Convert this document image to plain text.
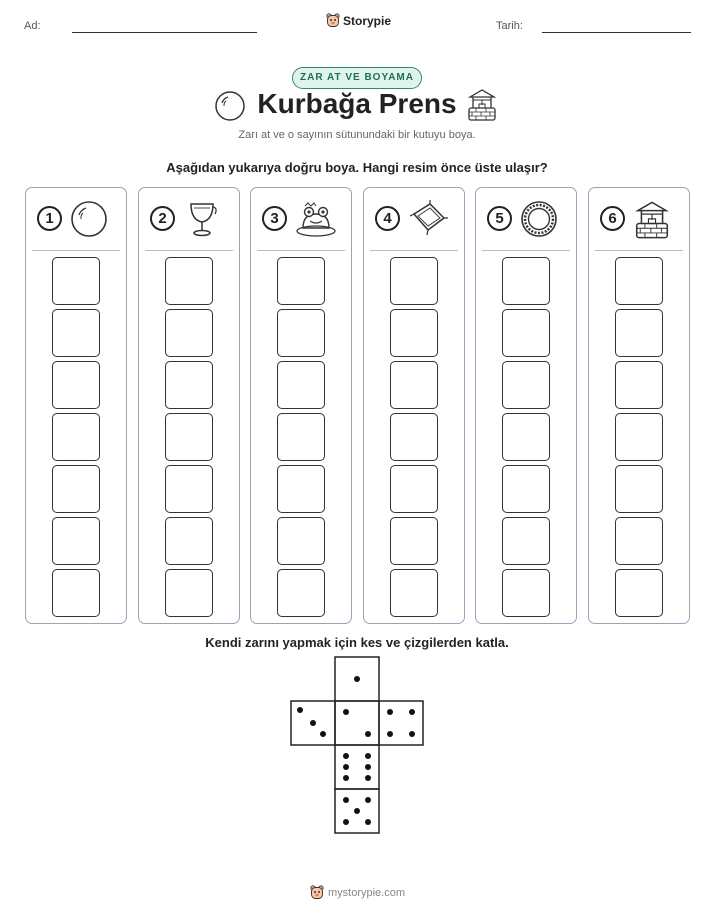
Ad:	Storypie	Tarih:
ZAR AT VE BOYAMA
Kurbağa Prens
Zarı at ve o sayının sütunundaki bir kutuyu boya.
Aşağıdan yukarıya doğru boya. Hangi resim önce üste ulaşır?
1	2	3	4	5	6
Kendi zarını yapmak için kes ve çizgilerden katla.
mystorypie.com
